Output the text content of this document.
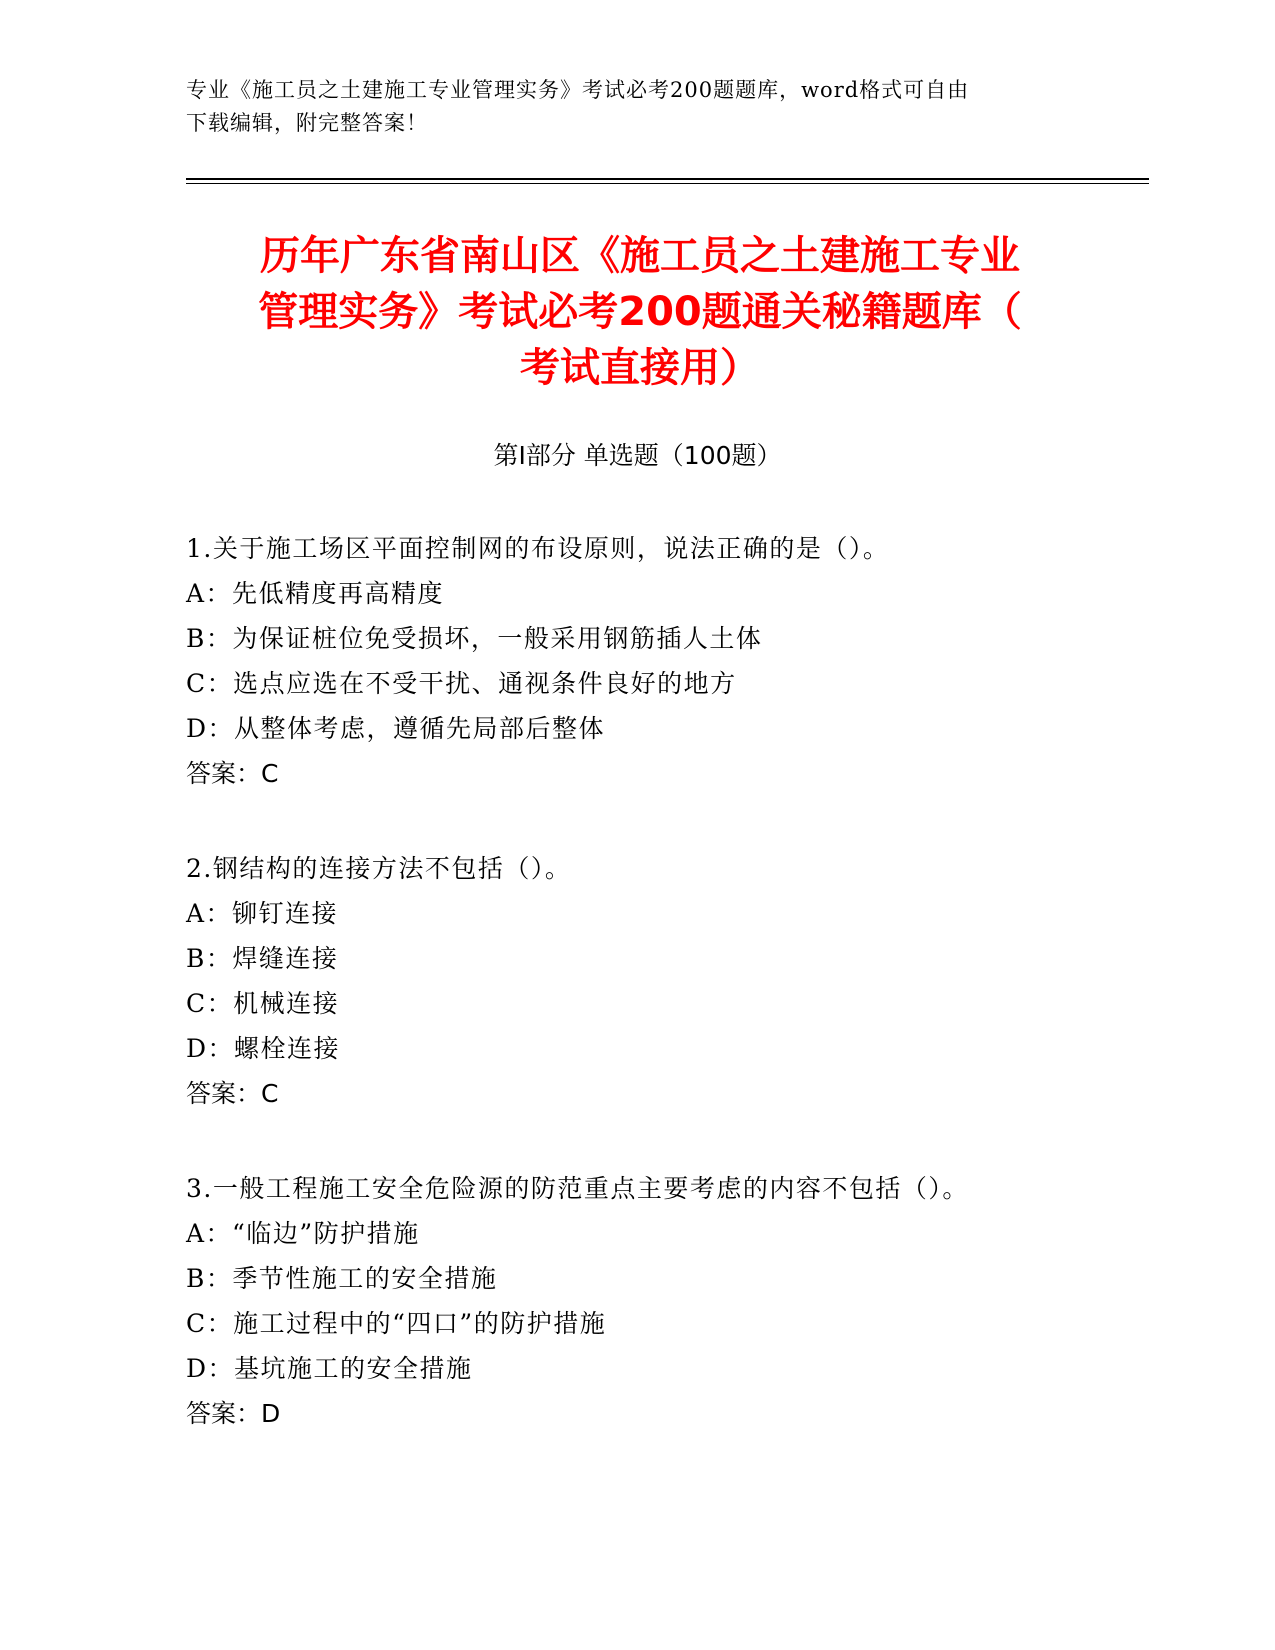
专业《施工员之土建施工专业管理实务》考试必考200题题库，word格式可自由
下载编辑，附完整答案！
历年广东省南山区《施工员之土建施工专业
管理实务》考试必考200题通关秘籍题库（
考试直接用）
第Ⅰ部分 单选题（100题）
1.关于施工场区平面控制网的布设原则，说法正确的是（）。
A：先低精度再高精度
B：为保证桩位免受损坏，一般采用钢筋插人土体
C：选点应选在不受干扰、通视条件良好的地方
D：从整体考虑，遵循先局部后整体
答案：C
2.钢结构的连接方法不包括（）。
A：铆钉连接
B：焊缝连接
C：机械连接
D：螺栓连接
答案：C
3.一般工程施工安全危险源的防范重点主要考虑的内容不包括（）。
A：“临边”防护措施
B：季节性施工的安全措施
C：施工过程中的“四口”的防护措施
D：基坑施工的安全措施
答案：D
